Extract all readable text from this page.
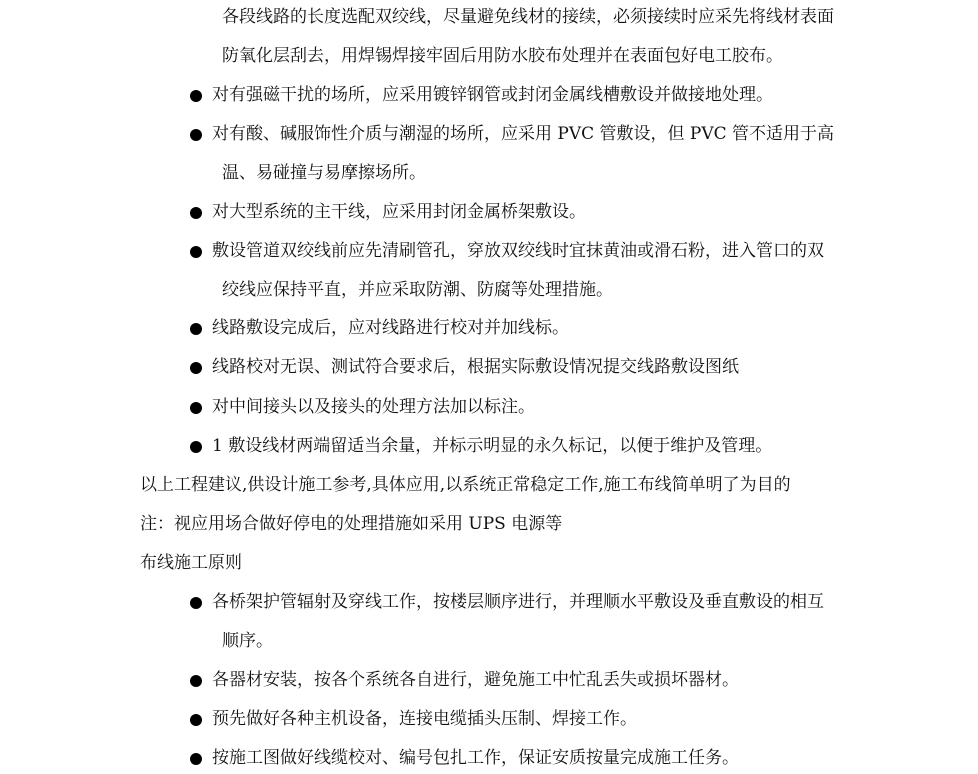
各段线路的长度选配双绞线，尽量避免线材的接续，必须接续时应采先将线材表面
防氧化层刮去，用焊锡焊接牢固后用防水胶布处理并在表面包好电工胶布。
对有强磁干扰的场所，应采用镀锌钢管或封闭金属线槽敷设并做接地处理。
对有酸、碱服饰性介质与潮湿的场所，应采用 PVC 管敷设，但 PVC 管不适用于高
温、易碰撞与易摩擦场所。
对大型系统的主干线，应采用封闭金属桥架敷设。
敷设管道双绞线前应先清刷管孔，穿放双绞线时宜抹黄油或滑石粉，进入管口的双
绞线应保持平直，并应采取防潮、防腐等处理措施。
线路敷设完成后，应对线路进行校对并加线标。
线路校对无误、测试符合要求后，根据实际敷设情况提交线路敷设图纸
对中间接头以及接头的处理方法加以标注。
1 敷设线材两端留适当余量，并标示明显的永久标记，以便于维护及管理。
以上工程建议,供设计施工参考,具体应用,以系统正常稳定工作,施工布线简单明了为目的
注：视应用场合做好停电的处理措施如采用 UPS 电源等
布线施工原则
各桥架护管辐射及穿线工作，按楼层顺序进行，并理顺水平敷设及垂直敷设的相互
顺序。
各器材安装，按各个系统各自进行，避免施工中忙乱丢失或损坏器材。
预先做好各种主机设备，连接电缆插头压制、焊接工作。
按施工图做好线缆校对、编号包扎工作，保证安质按量完成施工任务。
